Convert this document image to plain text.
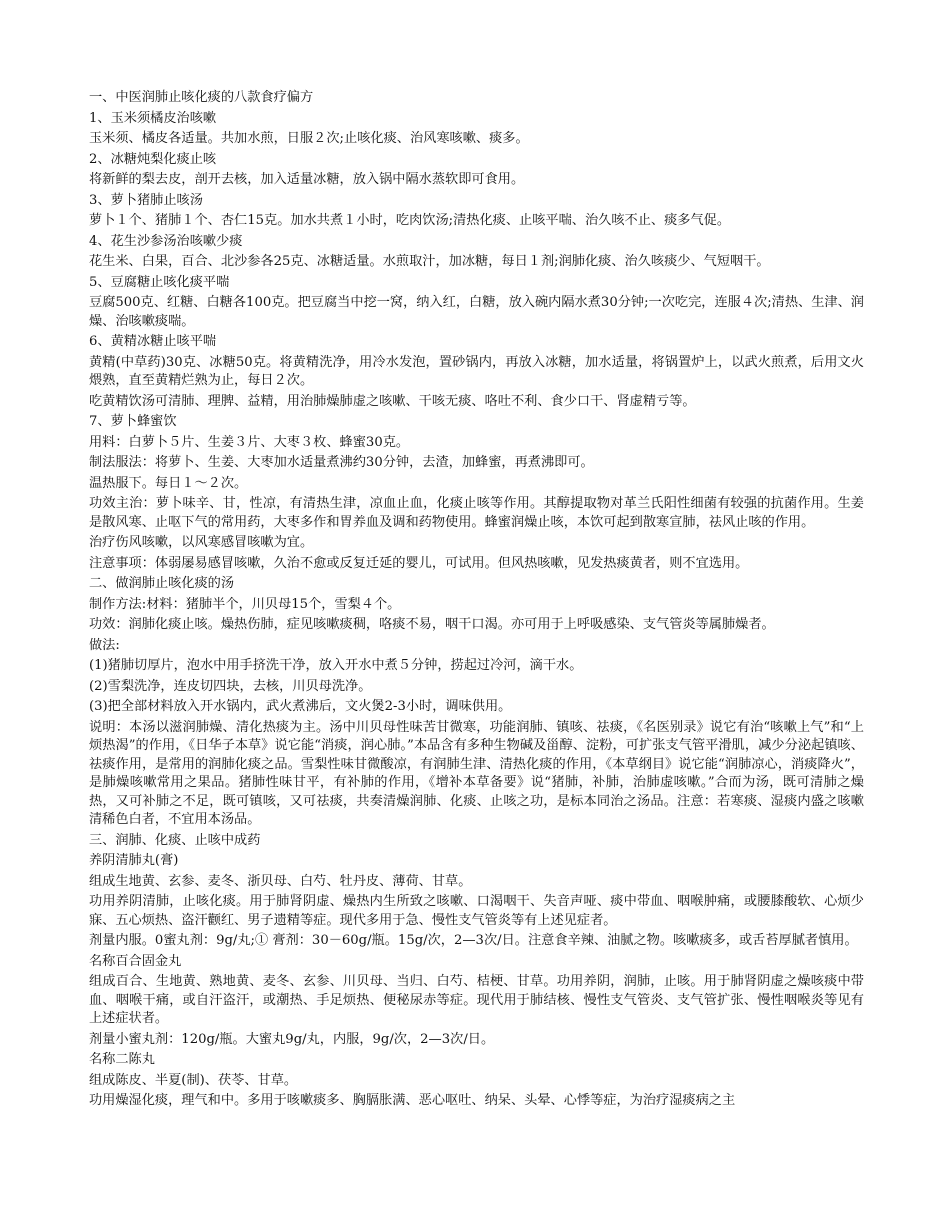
一、中医润肺止咳化痰的八款食疗偏方

1、玉米须橘皮治咳嗽

玉米须、橘皮各适量。共加水煎，日服２次;止咳化痰、治风寒咳嗽、痰多。

2、冰糖炖梨化痰止咳

将新鲜的梨去皮，剖开去核，加入适量冰糖，放入锅中隔水蒸软即可食用。

3、萝卜猪肺止咳汤

萝卜１个、猪肺１个、杏仁15克。加水共煮１小时，吃肉饮汤;清热化痰、止咳平喘、治久咳不止、痰多气促。

4、花生沙参汤治咳嗽少痰

花生米、白果，百合、北沙参各25克、冰糖适量。水煎取汁，加冰糖，每日１剂;润肺化痰、治久咳痰少、气短咽干。

5、豆腐糖止咳化痰平喘

豆腐500克、红糖、白糖各100克。把豆腐当中挖一窝，纳入红，白糖，放入碗内隔水煮30分钟;一次吃完，连服４次;清热、生津、润燥、治咳嗽痰喘。

6、黄精冰糖止咳平喘

黄精(中草药)30克、冰糖50克。将黄精洗净，用冷水发泡，置砂锅内，再放入冰糖，加水适量，将锅置炉上，以武火煎煮，后用文火煨熟，直至黄精烂熟为止，每日２次。

吃黄精饮汤可清肺、理脾、益精，用治肺燥肺虚之咳嗽、干咳无痰、咯吐不利、食少口干、肾虚精亏等。

7、萝卜蜂蜜饮

用料：白萝卜５片、生姜３片、大枣３枚、蜂蜜30克。

制法服法：将萝卜、生姜、大枣加水适量煮沸约30分钟，去渣，加蜂蜜，再煮沸即可。

温热服下。每日１～２次。

功效主治：萝卜味辛、甘，性凉，有清热生津，凉血止血，化痰止咳等作用。其醇提取物对革兰氏阳性细菌有较强的抗菌作用。生姜是散风寒、止呕下气的常用药，大枣多作和胃养血及调和药物使用。蜂蜜润燥止咳，本饮可起到散寒宣肺，祛风止咳的作用。

治疗伤风咳嗽，以风寒感冒咳嗽为宜。

注意事项：体弱屡易感冒咳嗽，久治不愈或反复迁延的婴儿，可试用。但风热咳嗽，见发热痰黄者，则不宜选用。

二、做润肺止咳化痰的汤

制作方法:材料：猪肺半个，川贝母15个，雪梨４个。

功效：润肺化痰止咳。燥热伤肺，症见咳嗽痰稠，咯痰不易，咽干口渴。亦可用于上呼吸感染、支气管炎等属肺燥者。

做法:

(1)猪肺切厚片，泡水中用手挤洗干净，放入开水中煮５分钟，捞起过冷河，滴干水。

(2)雪梨洗净，连皮切四块，去核，川贝母洗净。

(3)把全部材料放入开水锅内，武火煮沸后，文火煲2-3小时，调味供用。

说明：本汤以滋润肺燥、清化热痰为主。汤中川贝母性味苦甘微寒，功能润肺、镇咳、祛痰，《名医别录》说它有治“咳嗽上气”和“上烦热渴”的作用，《日华子本草》说它能“消痰，润心肺。”本品含有多种生物碱及甾醇、淀粉，可扩张支气管平滑肌，减少分泌起镇咳、祛痰作用，是常用的润肺化痰之品。雪梨性味甘微酸凉，有润肺生津、清热化痰的作用，《本草纲目》说它能“润肺凉心，消痰降火”，是肺燥咳嗽常用之果品。猪肺性味甘平，有补肺的作用，《增补本草备要》说“猪肺，补肺，治肺虚咳嗽。”合而为汤，既可清肺之燥热，又可补肺之不足，既可镇咳，又可祛痰，共奏清燥润肺、化痰、止咳之功，是标本同治之汤品。注意：若寒痰、湿痰内盛之咳嗽清稀色白者，不宜用本汤品。

三、润肺、化痰、止咳中成药

养阴清肺丸(膏)

组成生地黄、玄参、麦冬、浙贝母、白芍、牡丹皮、薄荷、甘草。

功用养阴清肺，止咳化痰。用于肺肾阴虚、燥热内生所致之咳嗽、口渴咽干、失音声哑、痰中带血、咽喉肿痛，或腰膝酸软、心烦少寐、五心烦热、盗汗颧红、男子遗精等症。现代多用于急、慢性支气管炎等有上述见症者。

剂量内服。0蜜丸剂：9g/丸;① 膏剂：30－60g/瓶。15g/次，2—3次/日。注意食辛辣、油腻之物。咳嗽痰多，或舌苔厚腻者慎用。

名称百合固金丸

组成百合、生地黄、熟地黄、麦冬、玄参、川贝母、当归、白芍、桔梗、甘草。功用养阴，润肺，止咳。用于肺肾阴虚之燥咳痰中带血、咽喉干痛，或自汗盗汗，或潮热、手足烦热、便秘尿赤等症。现代用于肺结核、慢性支气管炎、支气管扩张、慢性咽喉炎等见有上述症状者。

剂量小蜜丸剂：120g/瓶。大蜜丸9g/丸，内服，9g/次，2—3次/日。

名称二陈丸

组成陈皮、半夏(制)、茯苓、甘草。

功用燥湿化痰，理气和中。多用于咳嗽痰多、胸膈胀满、恶心呕吐、纳呆、头晕、心悸等症，为治疗湿痰病之主
